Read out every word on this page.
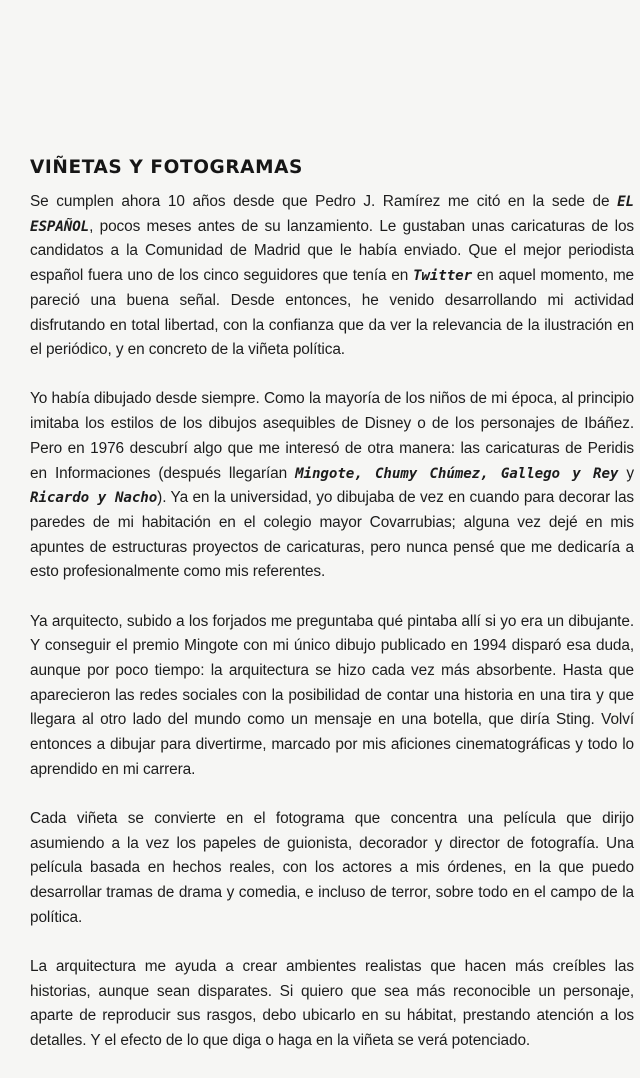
VIÑETAS Y FOTOGRAMAS

Se cumplen ahora 10 años desde que Pedro J. Ramírez me citó en la sede de EL ESPAÑOL, pocos meses antes de su lanzamiento. Le gustaban unas caricaturas de los candidatos a la Comunidad de Madrid que le había enviado. Que el mejor periodista español fuera uno de los cinco seguidores que tenía en Twitter en aquel momento, me pareció una buena señal. Desde entonces, he venido desarrollando mi actividad disfrutando en total libertad, con la confianza que da ver la relevancia de la ilustración en el periódico, y en concreto de la viñeta política.

Yo había dibujado desde siempre. Como la mayoría de los niños de mi época, al principio imitaba los estilos de los dibujos asequibles de Disney o de los personajes de Ibáñez. Pero en 1976 descubrí algo que me interesó de otra manera: las caricaturas de Peridis en Informaciones (después llegarían Mingote, Chumy Chúmez, Gallego y Rey y Ricardo y Nacho). Ya en la universidad, yo dibujaba de vez en cuando para decorar las paredes de mi habitación en el colegio mayor Covarrubias; alguna vez dejé en mis apuntes de estructuras proyectos de caricaturas, pero nunca pensé que me dedicaría a esto profesionalmente como mis referentes.

Ya arquitecto, subido a los forjados me preguntaba qué pintaba allí si yo era un dibujante. Y conseguir el premio Mingote con mi único dibujo publicado en 1994 disparó esa duda, aunque por poco tiempo: la arquitectura se hizo cada vez más absorbente. Hasta que aparecieron las redes sociales con la posibilidad de contar una historia en una tira y que llegara al otro lado del mundo como un mensaje en una botella, que diría Sting. Volví entonces a dibujar para divertirme, marcado por mis aficiones cinematográficas y todo lo aprendido en mi carrera.

Cada viñeta se convierte en el fotograma que concentra una película que dirijo asumiendo a la vez los papeles de guionista, decorador y director de fotografía. Una película basada en hechos reales, con los actores a mis órdenes, en la que puedo desarrollar tramas de drama y comedia, e incluso de terror, sobre todo en el campo de la política.

La arquitectura me ayuda a crear ambientes realistas que hacen más creíbles las historias, aunque sean disparates. Si quiero que sea más reconocible un personaje, aparte de reproducir sus rasgos, debo ubicarlo en su hábitat, prestando atención a los detalles. Y el efecto de lo que diga o haga en la viñeta se verá potenciado.
